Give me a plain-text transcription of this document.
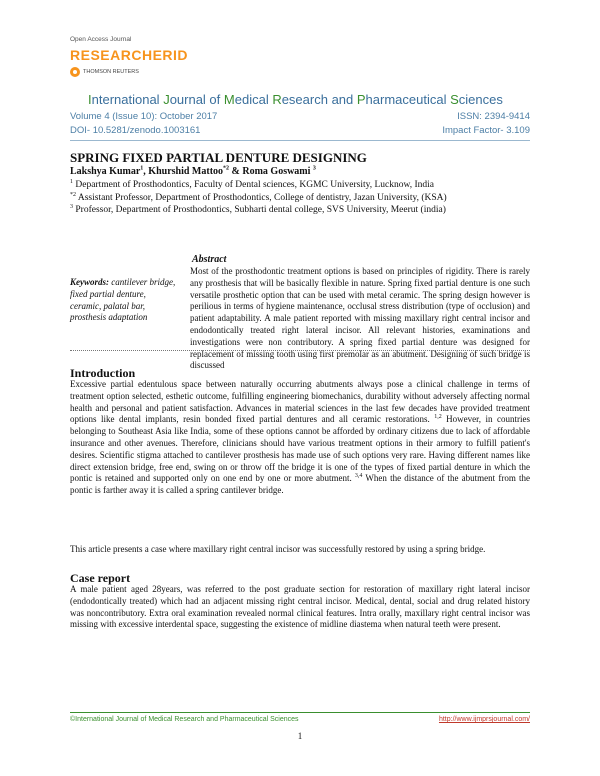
Open Access Journal
RESEARCHERID
THOMSON REUTERS
International Journal of Medical Research and Pharmaceutical Sciences
Volume 4 (Issue 10): October 2017	ISSN: 2394-9414
DOI- 10.5281/zenodo.1003161	Impact Factor- 3.109
SPRING FIXED PARTIAL DENTURE DESIGNING
Lakshya Kumar$^1$, Khurshid Mattoo$^{*2}$ & Roma Goswami $^3$
$^1$ Department of Prosthodontics, Faculty of Dental sciences, KGMC University, Lucknow, India
$^{*2}$ Assistant Professor, Department of Prosthodontics, College of dentistry, Jazan University, (KSA)
$^3$ Professor, Department of Prosthodontics, Subharti dental college, SVS University, Meerut (india)
Abstract
Keywords: cantilever bridge, fixed partial denture, ceramic, palatal bar, prosthesis adaptation

Most of the prosthodontic treatment options is based on principles of rigidity. There is rarely any prosthesis that will be basically flexible in nature. Spring fixed partial denture is one such versatile prosthetic option that can be used with metal ceramic. The spring design however is perilious in terms of hygiene maintenance, occlusal stress distribution (type of occlusion) and patient adaptability. A male patient reported with missing maxillary right central incisor and endodontically treated right lateral incisor. All relevant histories, examinations and investigations were non contributory. A spring fixed partial denture was designed for replacement of missing tooth using first premolar as an abutment. Designing of such bridge is discussed

Introduction

Excessive partial edentulous space between naturally occurring abutments always pose a clinical challenge in terms of treatment option selected, esthetic outcome, fulfilling engineering biomechanics, durability without adversely affecting normal health and personal and patient satisfaction. Advances in material sciences in the last few decades have provided treatment options like dental implants, resin bonded fixed partial dentures and all ceramic restorations. $^{1,2}$ However, in countries belonging to Southeast Asia like India, some of these options cannot be afforded by ordinary citizens due to lack of affordable insurance and other avenues. Therefore, clinicians should have various treatment options in their armory to fulfill patient's desires. Scientific stigma attached to cantilever prosthesis has made use of such options very rare. Having different names like direct extension bridge, free end, swing on or throw off the bridge it is one of the types of fixed partial denture in which the pontic is retained and supported only on one end by one or more abutment. $^{3,4}$ When the distance of the abutment from the pontic is farther away it is called a spring cantilever bridge.

This article presents a case where maxillary right central incisor was successfully restored by using a spring bridge.

Case report

A male patient aged 28years, was referred to the post graduate section for restoration of maxillary right lateral incisor (endodontically treated) which had an adjacent missing right central incisor. Medical, dental, social and drug related history was noncontributory. Extra oral examination revealed normal clinical features. Intra orally, maxillary right central incisor was missing with excessive interdental space, suggesting the existence of midline diastema when natural teeth were present.

©International Journal of Medical Research and Pharmaceutical Sciences	http://www.ijmprsjournal.com/
1
